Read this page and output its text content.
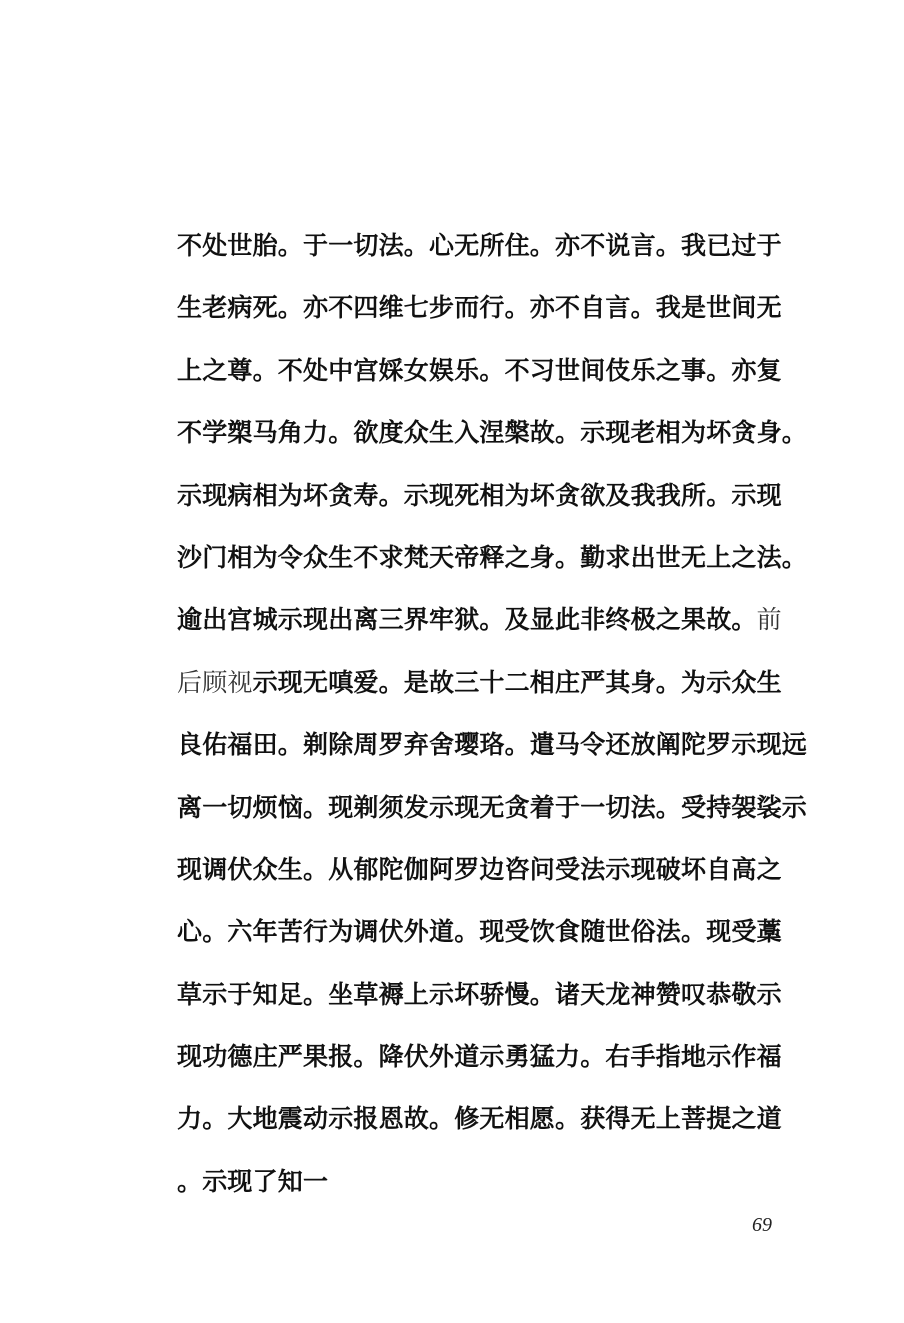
不处世胎。于一切法。心无所住。亦不说言。我已过于
生老病死。亦不四维七步而行。亦不自言。我是世间无
上之尊。不处中宫婇女娱乐。不习世间伎乐之事。亦复
不学槊马角力。欲度众生入涅槃故。示现老相为坏贪身。
示现病相为坏贪寿。示现死相为坏贪欲及我我所。示现
沙门相为令众生不求梵天帝释之身。勤求出世无上之法。
逾出宫城示现出离三界牢狱。及显此非终极之果故。前
后顾视示现无嗔爱。是故三十二相庄严其身。为示众生
良佑福田。剃除周罗弃舍璎珞。遣马令还放阐陀罗示现远
离一切烦恼。现剃须发示现无贪着于一切法。受持袈裟示
现调伏众生。从郁陀伽阿罗边咨问受法示现破坏自高之
心。六年苦行为调伏外道。现受饮食随世俗法。现受藁
草示于知足。坐草褥上示坏骄慢。诸天龙神赞叹恭敬示
现功德庄严果报。降伏外道示勇猛力。右手指地示作福
力。大地震动示报恩故。修无相愿。获得无上菩提之道
。示现了知一
69
